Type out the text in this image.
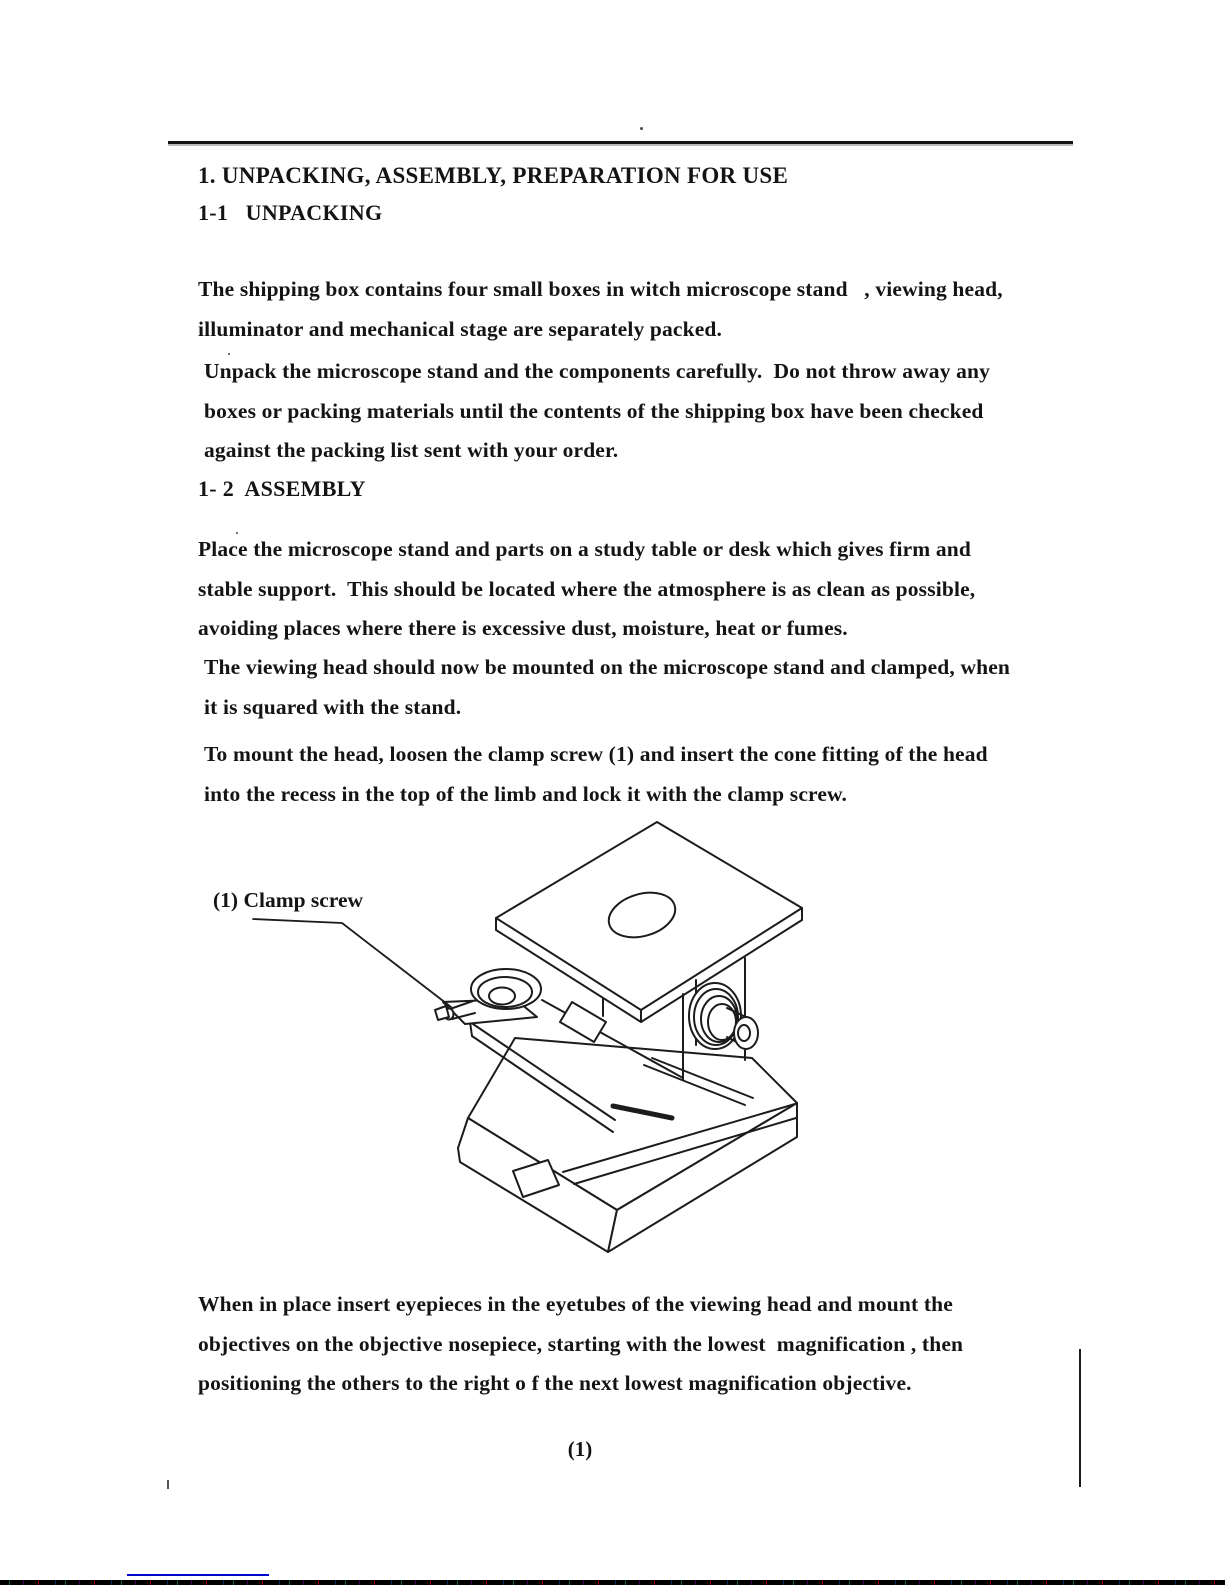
1. UNPACKING, ASSEMBLY, PREPARATION FOR USE
1-1   UNPACKING
The shipping box contains four small boxes in witch microscope stand   , viewing head,
illuminator and mechanical stage are separately packed.
Unpack the microscope stand and the components carefully.  Do not throw away any
boxes or packing materials until the contents of the shipping box have been checked
against the packing list sent with your order.
1- 2  ASSEMBLY
Place the microscope stand and parts on a study table or desk which gives firm and
stable support.  This should be located where the atmosphere is as clean as possible,
avoiding places where there is excessive dust, moisture, heat or fumes.
The viewing head should now be mounted on the microscope stand and clamped, when
it is squared with the stand.
To mount the head, loosen the clamp screw (1) and insert the cone fitting of the head
into the recess in the top of the limb and lock it with the clamp screw.
(1) Clamp screw
When in place insert eyepieces in the eyetubes of the viewing head and mount the
objectives on the objective nosepiece, starting with the lowest  magnification , then
positioning the others to the right o f the next lowest magnification objective.
(1)
